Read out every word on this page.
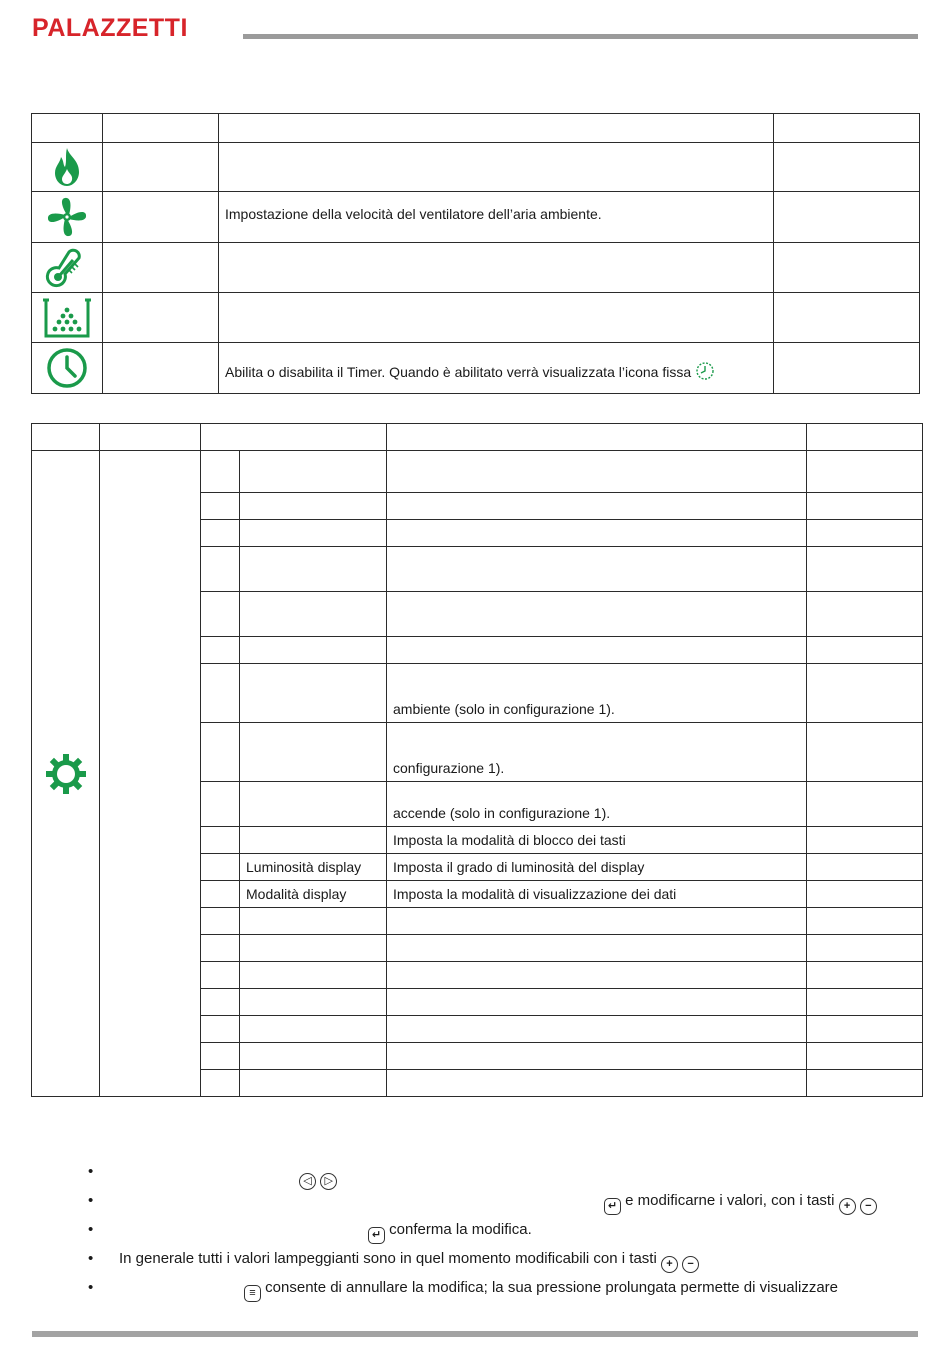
PALAZZETTI

		Impostazione della velocità del ventilatore dell’aria ambiente.	

		Abilita o disabilita il Timer. Quando è abilitato verrà visualizzata l’icona fissa	

				ambiente (solo in configurazione 1).	
				configurazione 1).	
				accende (solo in configurazione 1).	
				Imposta la modalità di blocco dei tasti	
			Luminosità display	Imposta il grado di luminosità del display	
			Modalità display	Imposta la modalità di visualizzazione dei dati	

•
◁ ▷
•	↵ e modificarne i valori, con i tasti + −
•	↵ conferma la modifica.
• In generale tutti i valori lampeggianti sono in quel momento modificabili con i tasti + −
•	≡ consente di annullare la modifica; la sua pressione prolungata permette di visualizzare
